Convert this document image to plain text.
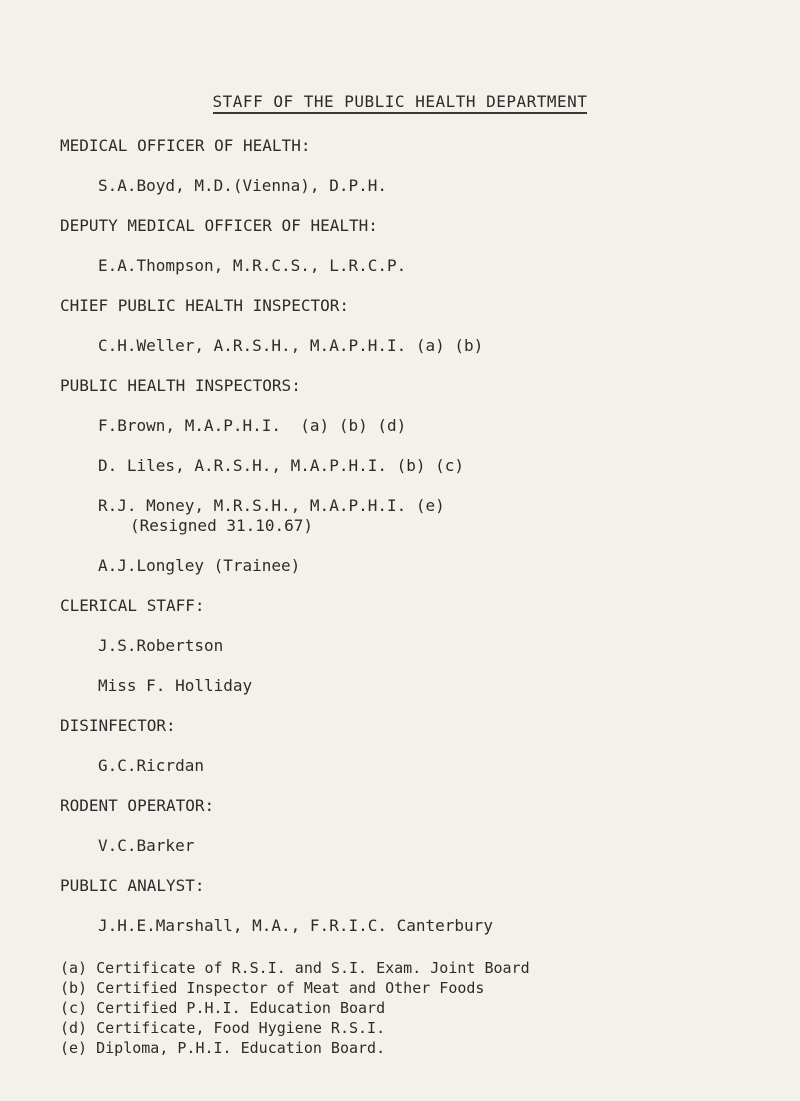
STAFF OF THE PUBLIC HEALTH DEPARTMENT
MEDICAL OFFICER OF HEALTH:
S.A.Boyd, M.D.(Vienna), D.P.H.
DEPUTY MEDICAL OFFICER OF HEALTH:
E.A.Thompson, M.R.C.S., L.R.C.P.
CHIEF PUBLIC HEALTH INSPECTOR:
C.H.Weller, A.R.S.H., M.A.P.H.I. (a) (b)
PUBLIC HEALTH INSPECTORS:
F.Brown, M.A.P.H.I.  (a) (b) (d)
D. Liles, A.R.S.H., M.A.P.H.I. (b) (c)
R.J. Money, M.R.S.H., M.A.P.H.I. (e)
(Resigned 31.10.67)
A.J.Longley (Trainee)
CLERICAL STAFF:
J.S.Robertson
Miss F. Holliday
DISINFECTOR:
G.C.Ricrdan
RODENT OPERATOR:
V.C.Barker
PUBLIC ANALYST:
J.H.E.Marshall, M.A., F.R.I.C. Canterbury
(a) Certificate of R.S.I. and S.I. Exam. Joint Board
(b) Certified Inspector of Meat and Other Foods
(c) Certified P.H.I. Education Board
(d) Certificate, Food Hygiene R.S.I.
(e) Diploma, P.H.I. Education Board.
